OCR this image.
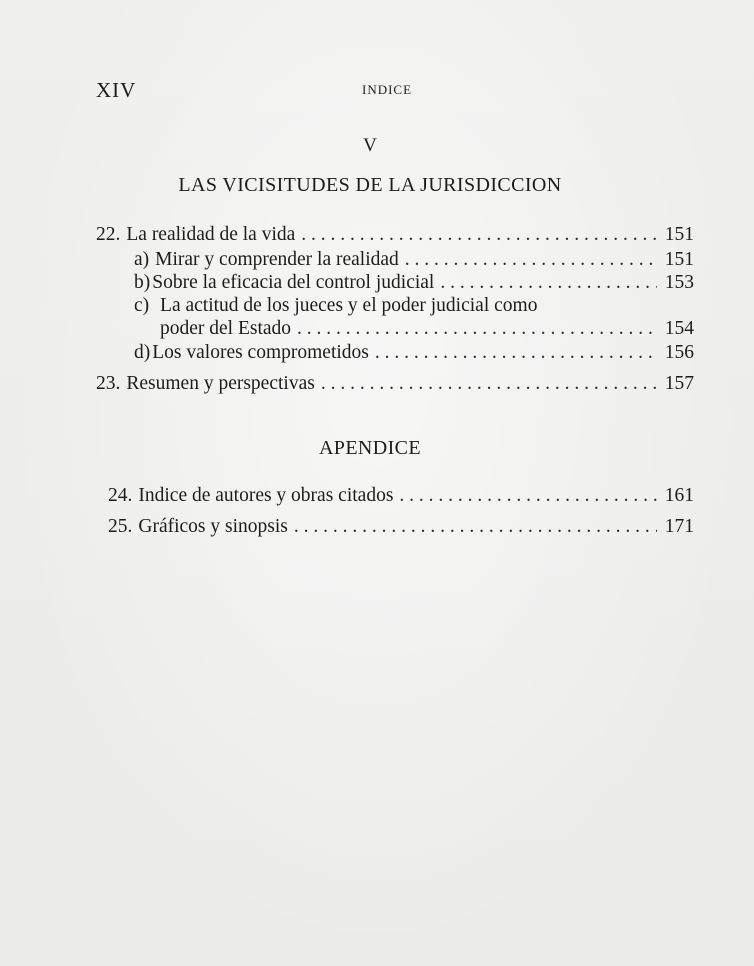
XIV	INDICE
V
LAS VICISITUDES DE LA JURISDICCION
22. La realidad de la vida . . .	151
a) Mirar y comprender la realidad . . .	151
b) Sobre la eficacia del control judicial . . .	153
c) La actitud de los jueces y el poder judicial como
poder del Estado . . .	154
d) Los valores comprometidos . . .	156
23. Resumen y perspectivas . . .	157
APENDICE
24. Indice de autores y obras citados . . .	161
25. Gráficos y sinopsis . . .	171
